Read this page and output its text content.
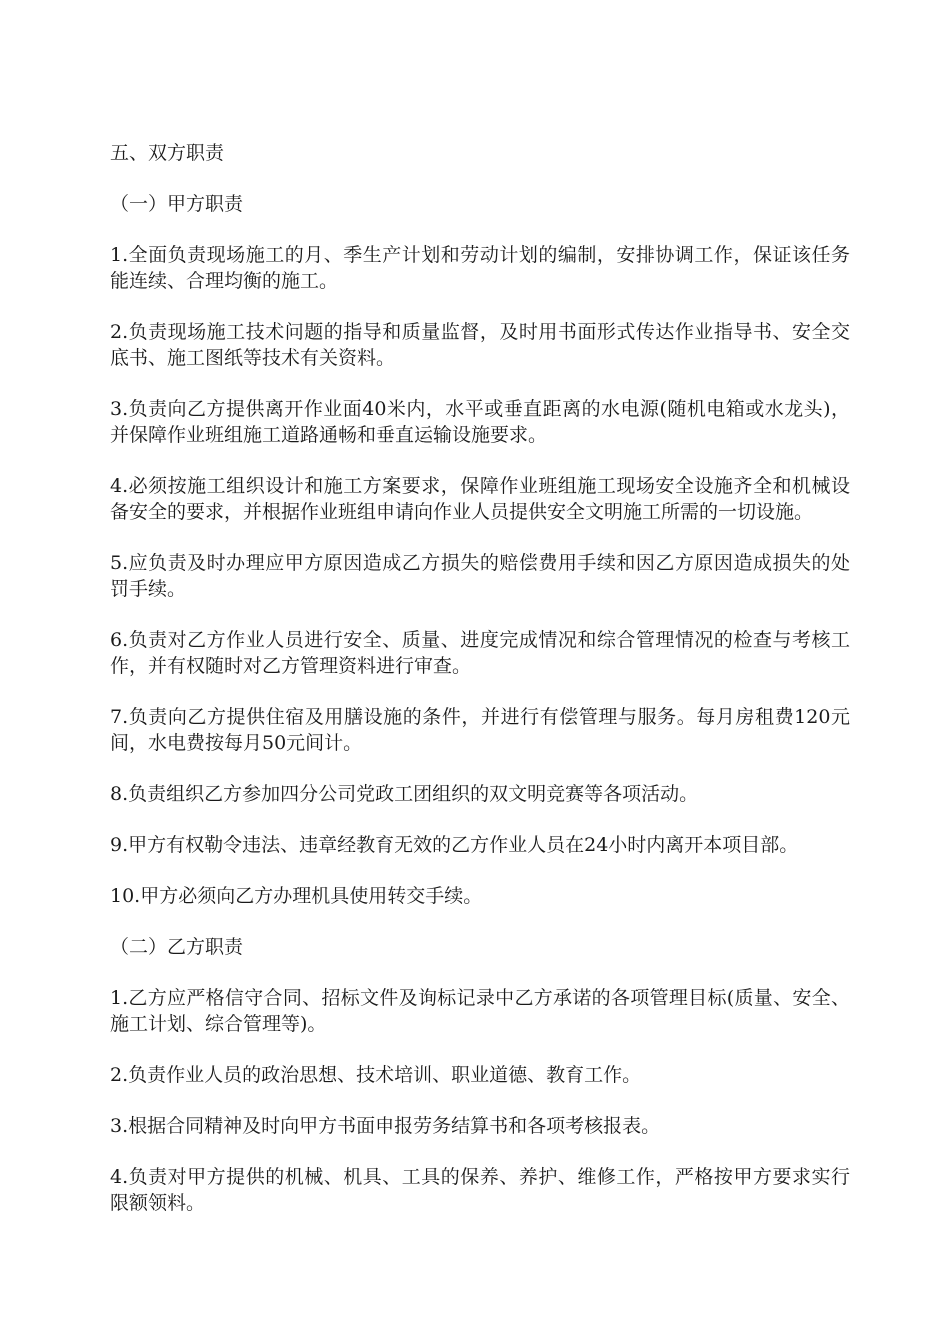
五、双方职责

（一）甲方职责

1.全面负责现场施工的月、季生产计划和劳动计划的编制，安排协调工作，保证该任务能连续、合理均衡的施工。

2.负责现场施工技术问题的指导和质量监督，及时用书面形式传达作业指导书、安全交底书、施工图纸等技术有关资料。

3.负责向乙方提供离开作业面40米内，水平或垂直距离的水电源(随机电箱或水龙头)，并保障作业班组施工道路通畅和垂直运输设施要求。

4.必须按施工组织设计和施工方案要求，保障作业班组施工现场安全设施齐全和机械设备安全的要求，并根据作业班组申请向作业人员提供安全文明施工所需的一切设施。

5.应负责及时办理应甲方原因造成乙方损失的赔偿费用手续和因乙方原因造成损失的处罚手续。

6.负责对乙方作业人员进行安全、质量、进度完成情况和综合管理情况的检查与考核工作，并有权随时对乙方管理资料进行审查。

7.负责向乙方提供住宿及用膳设施的条件，并进行有偿管理与服务。每月房租费120元间，水电费按每月50元间计。

8.负责组织乙方参加四分公司党政工团组织的双文明竞赛等各项活动。

9.甲方有权勒令违法、违章经教育无效的乙方作业人员在24小时内离开本项目部。

10.甲方必须向乙方办理机具使用转交手续。

（二）乙方职责

1.乙方应严格信守合同、招标文件及询标记录中乙方承诺的各项管理目标(质量、安全、施工计划、综合管理等)。

2.负责作业人员的政治思想、技术培训、职业道德、教育工作。

3.根据合同精神及时向甲方书面申报劳务结算书和各项考核报表。

4.负责对甲方提供的机械、机具、工具的保养、养护、维修工作，严格按甲方要求实行限额领料。
